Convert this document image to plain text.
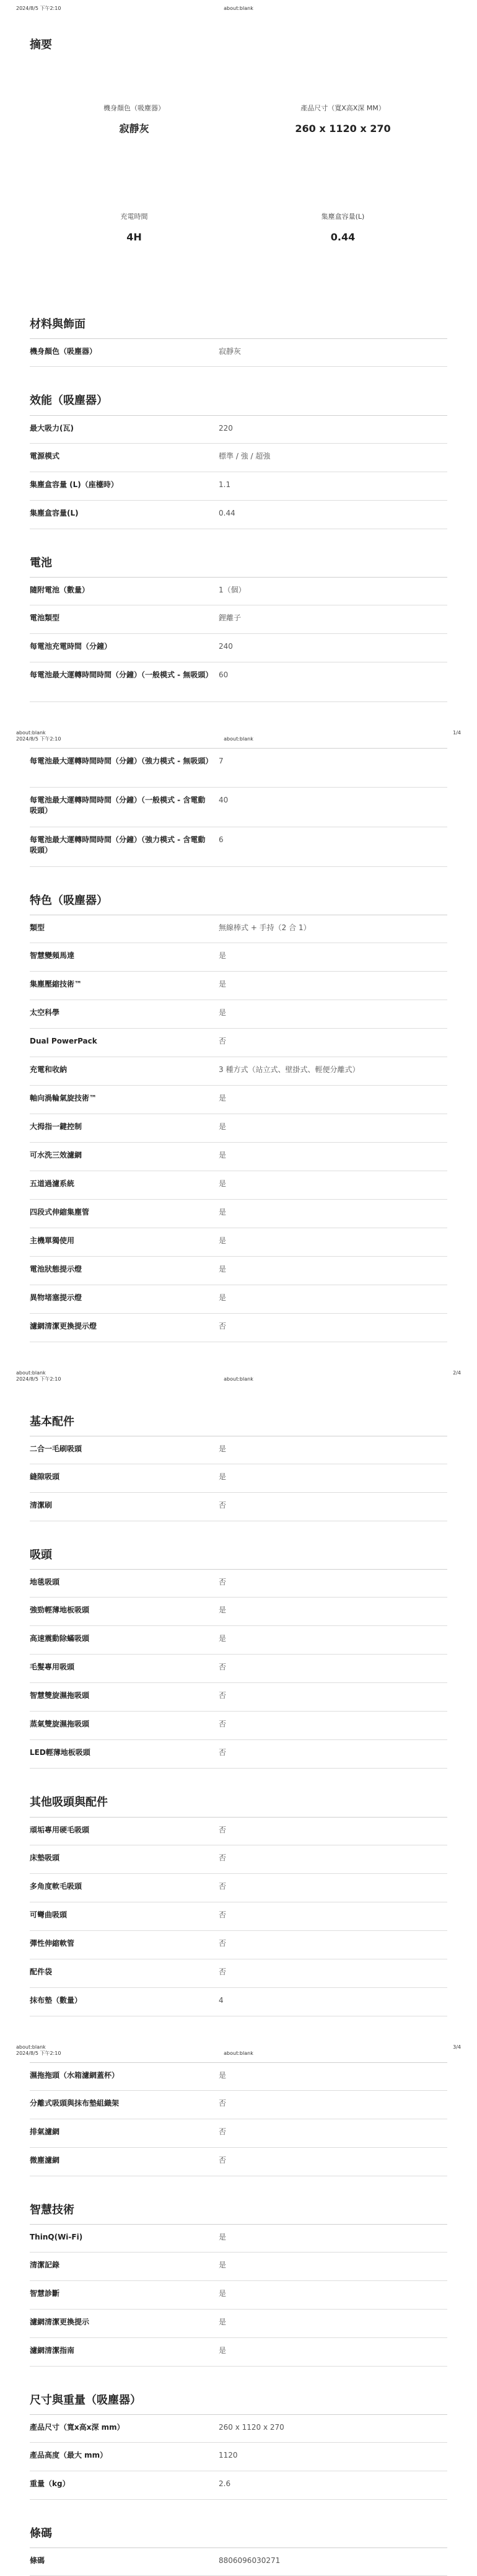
2024/8/5 下午2:10	about:blank
摘要
機身顏色（吸塵器）
寂靜灰
產品尺寸（寬X高X深 MM）
260 x 1120 x 270
充電時間
4H
集塵盒容量(L)
0.44
材料與飾面
機身顏色（吸塵器）	寂靜灰
效能（吸塵器）
最大吸力(瓦)	220
電源模式	標準 / 強 / 超強
集塵盒容量 (L)（座檯時）	1.1
集塵盒容量(L)	0.44
電池
隨附電池（數量）	1（個）
電池類型	鋰離子
每電池充電時間（分鐘）	240
每電池最大運轉時間時間（分鐘）（一般模式 - 無吸頭） 60
about:blank	1/4
2024/8/5 下午2:10	about:blank
每電池最大運轉時間時間（分鐘）（強力模式 - 無吸頭） 7
每電池最大運轉時間時間（分鐘）（一般模式 - 含電動吸頭）
40
每電池最大運轉時間時間（分鐘）（強力模式 - 含電動吸頭）
6
特色（吸塵器）
類型	無線棒式 + 手持（2 合 1）
智慧變頻馬達	是
集塵壓縮技術™	是
太空科學	是
Dual PowerPack	否
充電和收納	3 種方式（站立式、壁掛式、輕便分離式）
軸向渦輪氣旋技術™	是
大拇指一鍵控制	是
可水洗三效濾網	是
五道過濾系統	是
四段式伸縮集塵管	是
主機單獨使用	是
電池狀態提示燈	是
異物堵塞提示燈	是
濾網清潔更換提示燈	否
about:blank	2/4
2024/8/5 下午2:10	about:blank
基本配件
二合一毛刷吸頭	是
縫隙吸頭	是
清潔刷	否
吸頭
地毯吸頭	否
強勁輕薄地板吸頭	是
高速震動除蟎吸頭	是
毛髮專用吸頭	否
智慧雙旋濕拖吸頭	否
蒸氣雙旋濕拖吸頭	否
LED輕薄地板吸頭	否
其他吸頭與配件
頑垢專用硬毛吸頭	否
床墊吸頭	否
多角度軟毛吸頭	否
可彎曲吸頭	否
彈性伸縮軟管	否
配件袋	否
抹布墊（數量）	4
about:blank	3/4
2024/8/5 下午2:10	about:blank
濕拖拖頭（水箱濾網蓋杯）	是
分離式吸頭與抹布墊組織架	否
排氣濾網	否
微塵濾網	否
智慧技術
ThinQ(Wi-Fi)	是
清潔記錄	是
智慧診斷	是
濾網清潔更換提示	是
濾網清潔指南	是
尺寸與重量（吸塵器）
產品尺寸（寬x高x深 mm）	260 x 1120 x 270
產品高度（最大 mm）	1120
重量（kg）	2.6
條碼
條碼	8806096030271
